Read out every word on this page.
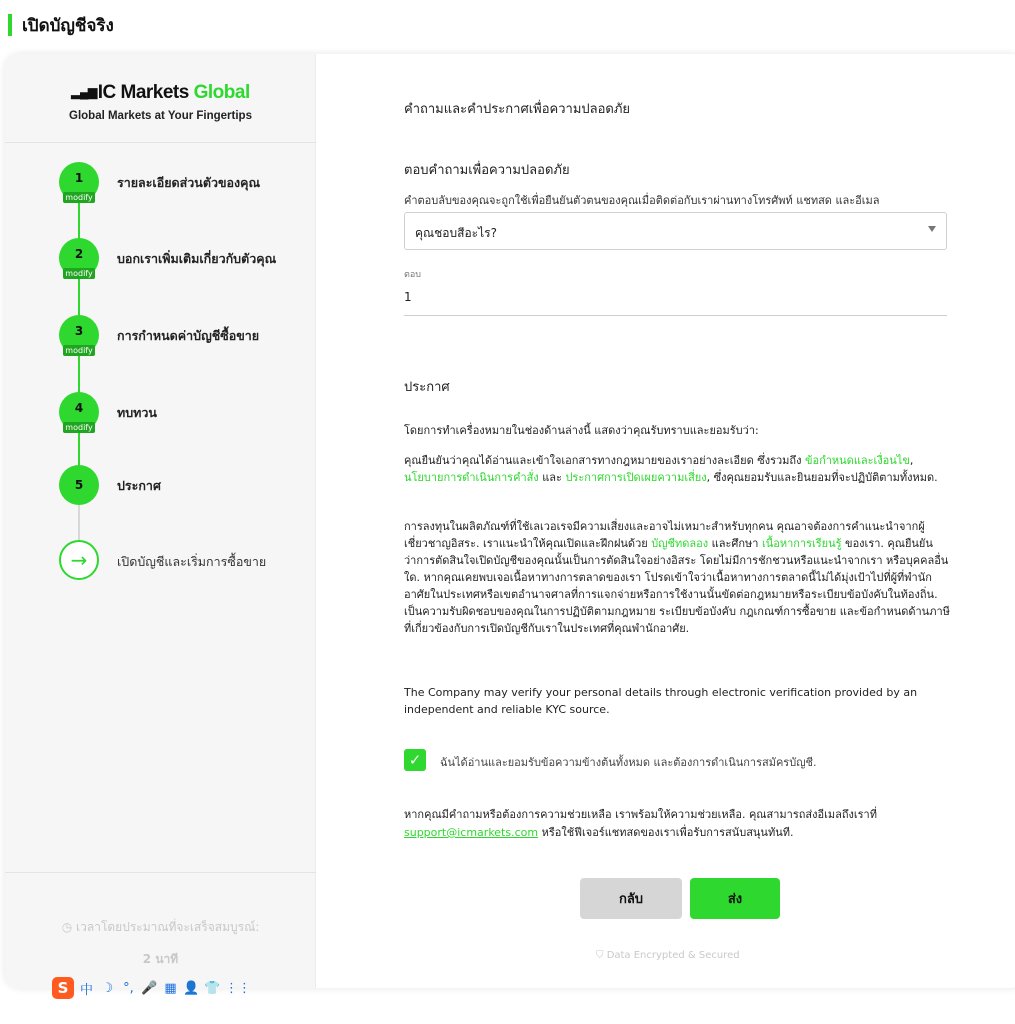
เปิดบัญชีจริง
▂▄▆IC Markets Global
Global Markets at Your Fingertips
1
modify
รายละเอียดส่วนตัวของคุณ
2
modify
บอกเราเพิ่มเติมเกี่ยวกับตัวคุณ
3
modify
การกำหนดค่าบัญชีซื้อขาย
4
modify
ทบทวน
5	ประกาศ
→	เปิดบัญชีและเริ่มการซื้อขาย
◷ เวลาโดยประมาณที่จะเสร็จสมบูรณ์:
2 นาที
คำถามและคำประกาศเพื่อความปลอดภัย
ตอบคำถามเพื่อความปลอดภัย
คำตอบลับของคุณจะถูกใช้เพื่อยืนยันตัวตนของคุณเมื่อติดต่อกับเราผ่านทางโทรศัพท์ แชทสด และอีเมล
คุณชอบสีอะไร?
ตอบ
1
ประกาศ
โดยการทำเครื่องหมายในช่องด้านล่างนี้ แสดงว่าคุณรับทราบและยอมรับว่า:
คุณยืนยันว่าคุณได้อ่านและเข้าใจเอกสารทางกฎหมายของเราอย่างละเอียด ซึ่งรวมถึง ข้อกำหนดและเงื่อนไข, นโยบายการดำเนินการคำสั่ง และ ประกาศการเปิดเผยความเสี่ยง, ซึ่งคุณยอมรับและยินยอมที่จะปฏิบัติตามทั้งหมด.
การลงทุนในผลิตภัณฑ์ที่ใช้เลเวอเรจมีความเสี่ยงและอาจไม่เหมาะสำหรับทุกคน คุณอาจต้องการคำแนะนำจากผู้เชี่ยวชาญอิสระ. เราแนะนำให้คุณเปิดและฝึกฝนด้วย บัญชีทดลอง และศึกษา เนื้อหาการเรียนรู้ ของเรา. คุณยืนยันว่าการตัดสินใจเปิดบัญชีของคุณนั้นเป็นการตัดสินใจอย่างอิสระ โดยไม่มีการชักชวนหรือแนะนำจากเรา หรือบุคคลอื่นใด. หากคุณเคยพบเจอเนื้อหาทางการตลาดของเรา โปรดเข้าใจว่าเนื้อหาทางการตลาดนี้ไม่ได้มุ่งเป้าไปที่ผู้ที่พำนักอาศัยในประเทศหรือเขตอำนาจศาลที่การแจกจ่ายหรือการใช้งานนั้นขัดต่อกฎหมายหรือระเบียบข้อบังคับในท้องถิ่น. เป็นความรับผิดชอบของคุณในการปฏิบัติตามกฎหมาย ระเบียบข้อบังคับ กฎเกณฑ์การซื้อขาย และข้อกำหนดด้านภาษีที่เกี่ยวข้องกับการเปิดบัญชีกับเราในประเทศที่คุณพำนักอาศัย.
The Company may verify your personal details through electronic verification provided by an independent and reliable KYC source.
✓	ฉันได้อ่านและยอมรับข้อความข้างต้นทั้งหมด และต้องการดำเนินการสมัครบัญชี.
หากคุณมีคำถามหรือต้องการความช่วยเหลือ เราพร้อมให้ความช่วยเหลือ. คุณสามารถส่งอีเมลถึงเราที่ support@icmarkets.com หรือใช้ฟีเจอร์แชทสดของเราเพื่อรับการสนับสนุนทันที.
กลับ	ส่ง
⛉ Data Encrypted & Secured
S 中 ☽ °, 🎤 ▦ 👤 👕 ⋮⋮
